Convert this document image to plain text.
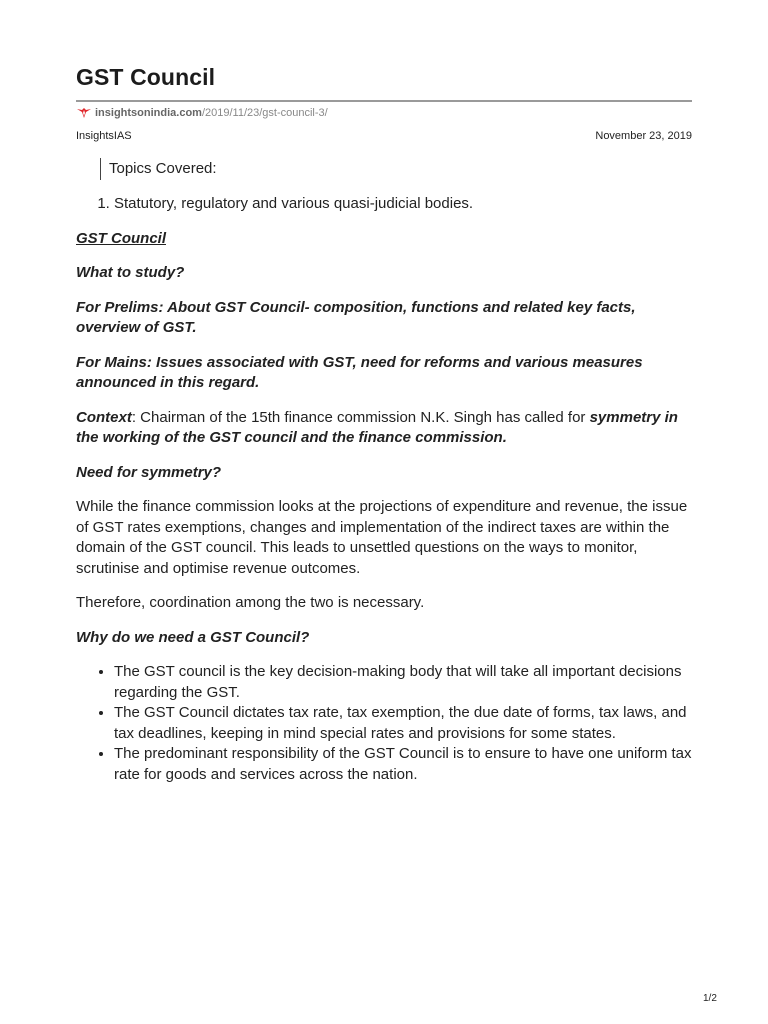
GST Council
insightsonindia.com /2019/11/23/gst-council-3/
InsightsIAS	November 23, 2019
Topics Covered:
1. Statutory, regulatory and various quasi-judicial bodies.

GST Council

What to study?

For Prelims: About GST Council- composition, functions and related key facts, overview of GST.

For Mains: Issues associated with GST, need for reforms and various measures announced in this regard.

Context: Chairman of the 15th finance commission N.K. Singh has called for symmetry in the working of the GST council and the finance commission.

Need for symmetry?

While the finance commission looks at the projections of expenditure and revenue, the issue of GST rates exemptions, changes and implementation of the indirect taxes are within the domain of the GST council. This leads to unsettled questions on the ways to monitor, scrutinise and optimise revenue outcomes.

Therefore, coordination among the two is necessary.

Why do we need a GST Council?

• The GST council is the key decision-making body that will take all important decisions regarding the GST.
• The GST Council dictates tax rate, tax exemption, the due date of forms, tax laws, and tax deadlines, keeping in mind special rates and provisions for some states.
• The predominant responsibility of the GST Council is to ensure to have one uniform tax rate for goods and services across the nation.
1/2
